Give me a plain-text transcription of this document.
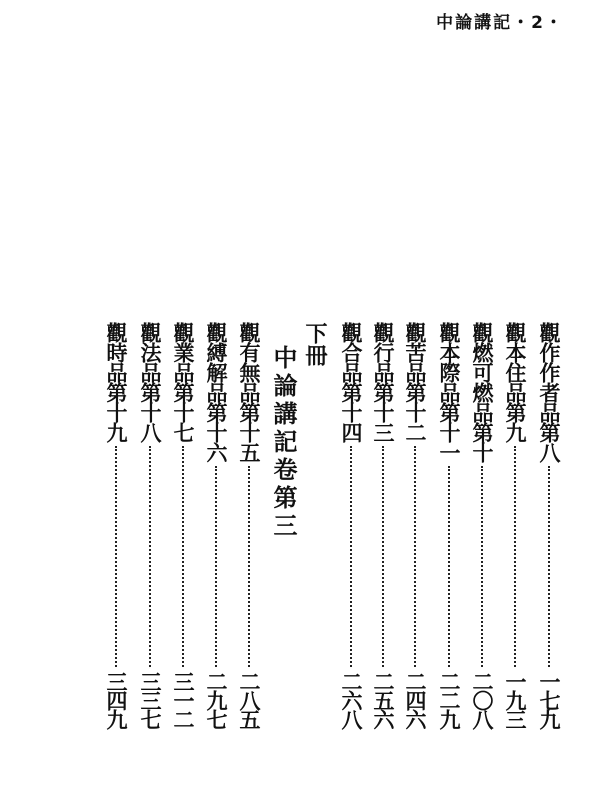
中論講記・2・
觀作作者品第八
一七九
觀本住品第九
一九三
觀燃可燃品第十
二〇八
觀本際品第十一
二二九
觀苦品第十二
二四六
觀行品第十三
二五六
觀合品第十四
二六八
下冊
中論講記卷第三
觀有無品第十五
二八五
觀縛解品第十六
二九七
觀業品第十七
三一二
觀法品第十八
三三七
觀時品第十九
三四九
